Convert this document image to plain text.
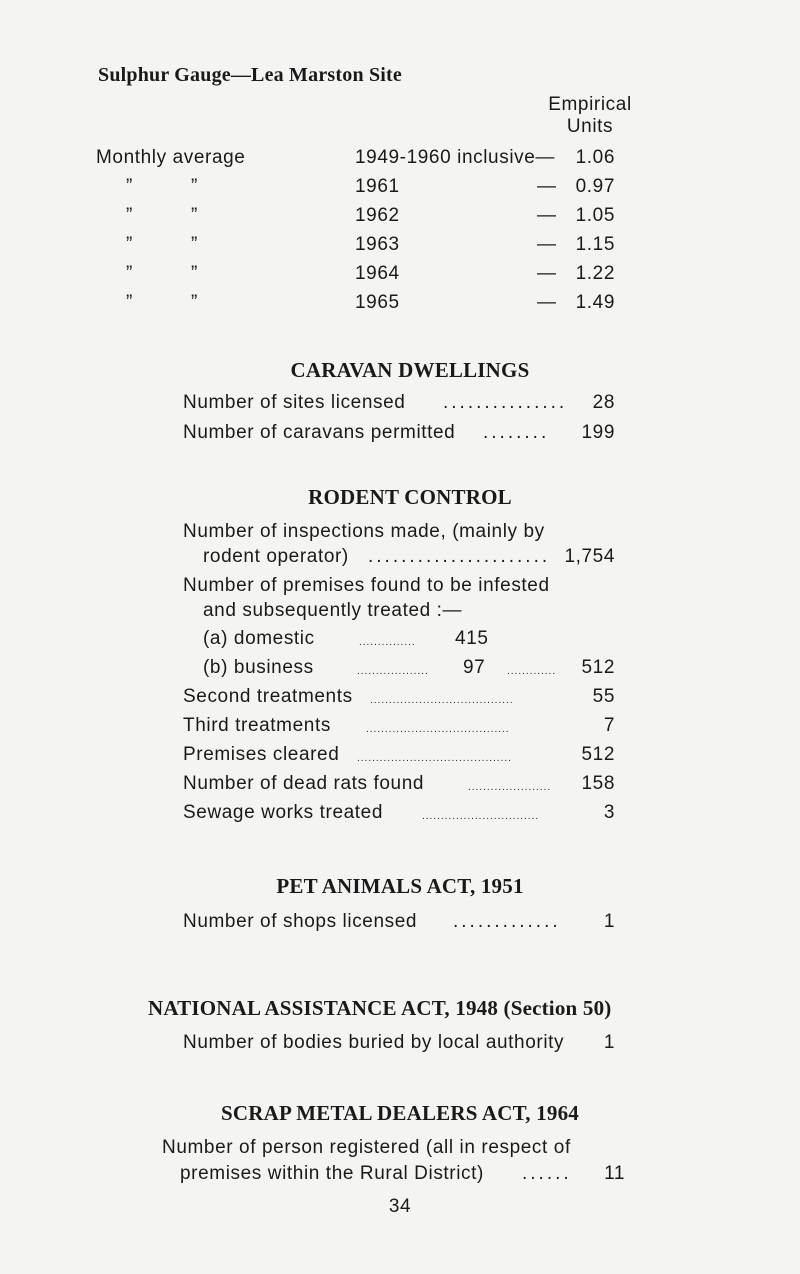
Sulphur Gauge—Lea Marston Site
Empirical
Units
Monthly average	1949-1960 inclusive—	1.06
”	”	1961	—	0.97
”	”	1962	—	1.05
”	”	1963	—	1.15
”	”	1964	—	1.22
”	”	1965	—	1.49
CARAVAN DWELLINGS
Number of sites licensed ...............	28
Number of caravans permitted ........	199
RODENT CONTROL
Number of inspections made, (mainly by
rodent operator) ...................... 1,754
Number of premises found to be infested
and subsequently treated :—
(a) domestic	............... 415
(b) business	................... 97 .............	512
Second treatments ......................................	55
Third treatments	......................................	7
Premises cleared .........................................	512
Number of dead rats found	......................	158
Sewage works treated	...............................	3
PET ANIMALS ACT, 1951
Number of shops licensed .............	1
NATIONAL ASSISTANCE ACT, 1948 (Section 50)
Number of bodies buried by local authority	1
SCRAP METAL DEALERS ACT, 1964
Number of person registered (all in respect of
premises within the Rural District) ......	11
34
